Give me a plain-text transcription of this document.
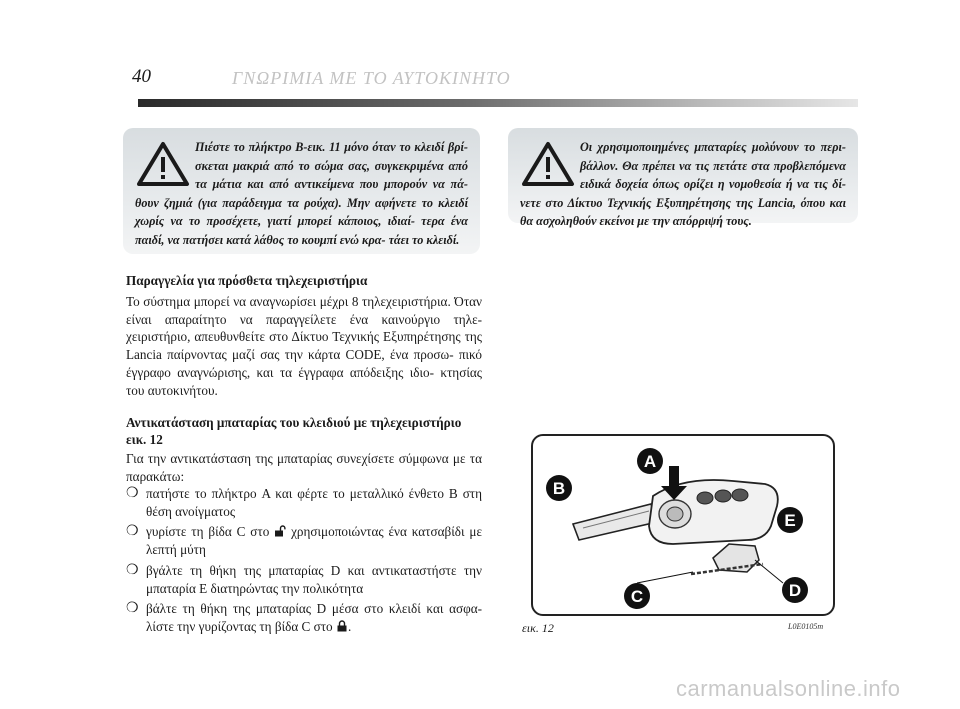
40	ΓΝΩΡΙΜΙΑ ΜΕ ΤΟ ΑΥΤΟΚΙΝΗΤΟ
Πιέστε το πλήκτρο B-εικ. 11 μόνο όταν το κλειδί βρί- σκεται μακριά από το σώμα σας, συγκεκριμένα από τα μάτια και από αντικείμενα που μπορούν να πά- θουν ζημιά (για παράδειγμα τα ρούχα). Μην αφήνετε το κλειδί χωρίς να το προσέχετε, γιατί μπορεί κάποιος, ιδιαί- τερα ένα παιδί, να πατήσει κατά λάθος το κουμπί ενώ κρα- τάει το κλειδί.
Οι χρησιμοποιημένες μπαταρίες μολύνουν το περι- βάλλον. Θα πρέπει να τις πετάτε στα προβλεπόμενα ειδικά δοχεία όπως ορίζει η νομοθεσία ή να τις δί- νετε στο Δίκτυο Τεχνικής Εξυπηρέτησης της Lancia, όπου και θα ασχοληθούν εκείνοι με την απόρριψή τους.
Παραγγελία για πρόσθετα τηλεχειριστήρια
Το σύστημα μπορεί να αναγνωρίσει μέχρι 8 τηλεχειριστήρια. Όταν είναι απαραίτητο να παραγγείλετε ένα καινούργιο τηλε- χειριστήριο, απευθυνθείτε στο Δίκτυο Τεχνικής Εξυπηρέτησης της Lancia παίρνοντας μαζί σας την κάρτα CODE, ένα προσω- πικό έγγραφο αναγνώρισης, και τα έγγραφα απόδειξης ιδιο- κτησίας του αυτοκινήτου.
Αντικατάσταση μπαταρίας του κλειδιού με τηλεχειριστήριο εικ. 12
Για την αντικατάσταση της μπαταρίας συνεχίσετε σύμφωνα με τα παρακάτω:
❍ πατήστε το πλήκτρο A και φέρτε το μεταλλικό ένθετο B στη θέση ανοίγματος
❍ γυρίστε τη βίδα C στο χρησιμοποιώντας ένα κατσαβίδι με λεπτή μύτη
❍ βγάλτε τη θήκη της μπαταρίας D και αντικαταστήστε την μπαταρία E διατηρώντας την πολικότητα
❍ βάλτε τη θήκη της μπαταρίας D μέσα στο κλειδί και ασφα- λίστε την γυρίζοντας τη βίδα C στο .
A
B
C	D
E
εικ. 12	L0E0105m
carmanualsonline.info
